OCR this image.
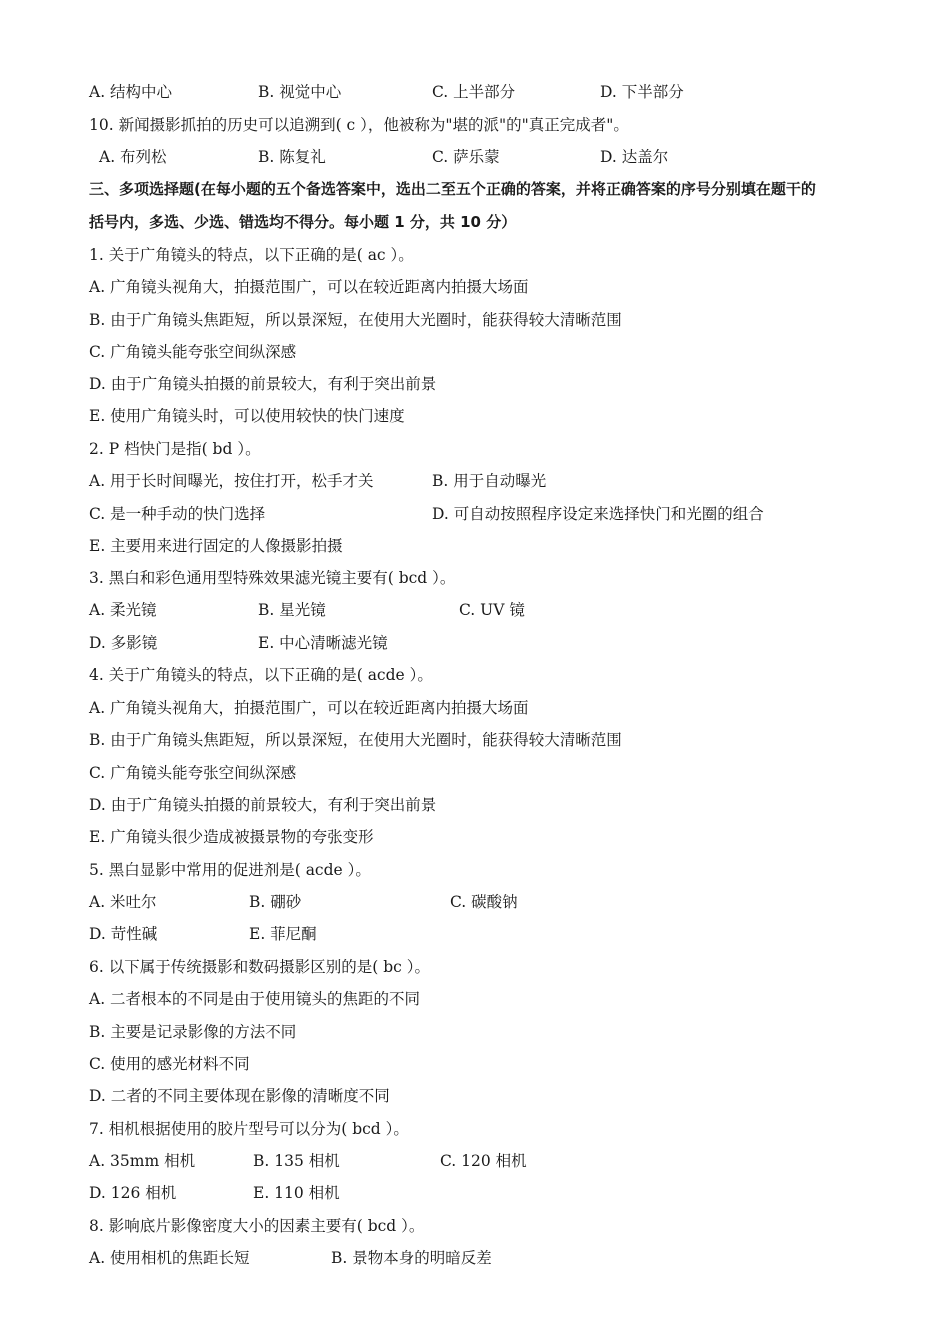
A. 结构中心	B. 视觉中心	C. 上半部分	D. 下半部分
10. 新闻摄影抓拍的历史可以追溯到( c ），他被称为"堪的派"的"真正完成者"。
A. 布列松	B. 陈复礼	C. 萨乐蒙	D. 达盖尔
三、多项选择题(在每小题的五个备选答案中，选出二至五个正确的答案，并将正确答案的序号分别填在题干的
括号内，多选、少选、错选均不得分。每小题 1 分，共 10 分）
1. 关于广角镜头的特点，以下正确的是( ac ）。
A. 广角镜头视角大，拍摄范围广，可以在较近距离内拍摄大场面
B. 由于广角镜头焦距短，所以景深短，在使用大光圈时，能获得较大清晰范围
C. 广角镜头能夸张空间纵深感
D. 由于广角镜头拍摄的前景较大，有利于突出前景
E. 使用广角镜头时，可以使用较快的快门速度
2. P 档快门是指( bd ）。
A. 用于长时间曝光，按住打开，松手才关	B. 用于自动曝光
C. 是一种手动的快门选择	D. 可自动按照程序设定来选择快门和光圈的组合
E. 主要用来进行固定的人像摄影拍摄
3. 黑白和彩色通用型特殊效果滤光镜主要有( bcd ）。
A. 柔光镜	B. 星光镜	C. UV 镜
D. 多影镜	E. 中心清晰滤光镜
4. 关于广角镜头的特点，以下正确的是( acde ）。
A. 广角镜头视角大，拍摄范围广，可以在较近距离内拍摄大场面
B. 由于广角镜头焦距短，所以景深短，在使用大光圈时，能获得较大清晰范围
C. 广角镜头能夸张空间纵深感
D. 由于广角镜头拍摄的前景较大，有利于突出前景
E. 广角镜头很少造成被摄景物的夸张变形
5. 黑白显影中常用的促进剂是( acde ）。
A. 米吐尔	B. 硼砂	C. 碳酸钠
D. 苛性碱	E. 菲尼酮
6. 以下属于传统摄影和数码摄影区别的是( bc ）。
A. 二者根本的不同是由于使用镜头的焦距的不同
B. 主要是记录影像的方法不同
C. 使用的感光材料不同
D. 二者的不同主要体现在影像的清晰度不同
7. 相机根据使用的胶片型号可以分为( bcd ）。
A. 35mm 相机	B. 135 相机	C. 120 相机
D. 126 相机	E. 110 相机
8. 影响底片影像密度大小的因素主要有( bcd ）。
A. 使用相机的焦距长短	B. 景物本身的明暗反差
